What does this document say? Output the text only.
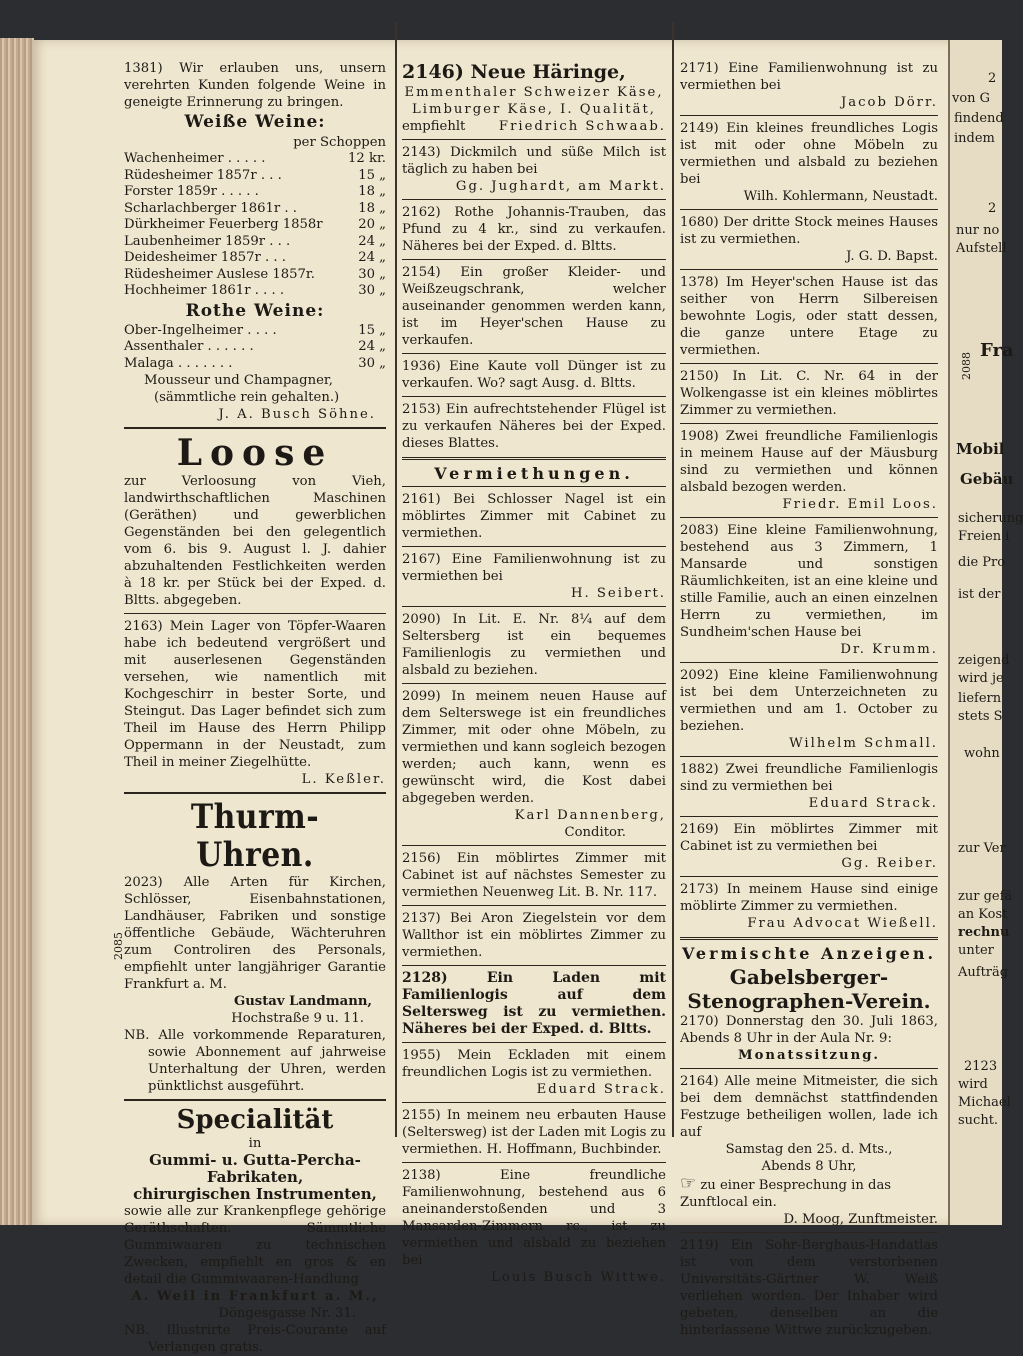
1381) Wir erlauben uns, unsern verehrten Kunden folgende Weine in geneigte Erinnerung zu bringen.

Weiße Weine:
per Schoppen
Wachenheimer . . . . .	12 kr.
Rüdesheimer 1857r . . .	15 „
Forster 1859r . . . . .	18 „
Scharlachberger 1861r . .	18 „
Dürkheimer Feuerberg 1858r	20 „
Laubenheimer 1859r . . .	24 „
Deidesheimer 1857r . . .	24 „
Rüdesheimer Auslese 1857r.	30 „
Hochheimer 1861r . . . .	30 „
Rothe Weine:
Ober-Ingelheimer . . . .	15 „
Assenthaler . . . . . .	24 „
Malaga . . . . . . .	30 „
Mousseur und Champagner,
(sämmtliche rein gehalten.)
J. A. Busch Söhne.
Loose

zur Verloosung von Vieh, landwirthschaftlichen Maschinen (Geräthen) und gewerblichen Gegenständen bei den gelegentlich vom 6. bis 9. August l. J. dahier abzuhaltenden Festlichkeiten werden à 18 kr. per Stück bei der Exped. d. Bltts. abgegeben.

2163) Mein Lager von Töpfer-Waaren habe ich bedeutend vergrößert und mit auserlesenen Gegenständen versehen, wie namentlich mit Kochgeschirr in bester Sorte, und Steingut. Das Lager befindet sich zum Theil im Hause des Herrn Philipp Oppermann in der Neustadt, zum Theil in meiner Ziegelhütte.

L. Keßler.
Thurm-Uhren.

2023) Alle Arten für Kirchen, Schlösser, Eisenbahnstationen, Landhäuser, Fabriken und sonstige öffentliche Gebäude, Wächteruhren zum Controliren des Personals, empfiehlt unter langjähriger Garantie Frankfurt a. M.

Gustav Landmann,
Hochstraße 9 u. 11.

NB. Alle vorkommende Reparaturen, sowie Abonnement auf jahrweise Unterhaltung der Uhren, werden pünktlichst ausgeführt.

Specialität
in
Gummi- u. Gutta-Percha-Fabrikaten,
chirurgischen Instrumenten,

sowie alle zur Krankenpflege gehörige Geräthschaften. Sämmtliche Gummiwaaren zu technischen Zwecken, empfiehlt en gros & en detail die Gummiwaaren-Handlung

A. Weil in Frankfurt a. M.,
Döngesgasse Nr. 31.

NB. Illustrirte Preis-Courante auf Verlangen gratis.

2085
2146) Neue Häringe,
Emmenthaler Schweizer Käse,
Limburger Käse, I. Qualität,
empfiehlt	Friedrich Schwaab.

2143) Dickmilch und süße Milch ist täglich zu haben bei

Gg. Jughardt, am Markt.

2162) Rothe Johannis-Trauben, das Pfund zu 4 kr., sind zu verkaufen. Näheres bei der Exped. d. Bltts.

2154) Ein großer Kleider- und Weißzeugschrank, welcher auseinander genommen werden kann, ist im Heyer'schen Hause zu verkaufen.

1936) Eine Kaute voll Dünger ist zu verkaufen. Wo? sagt Ausg. d. Bltts.

2153) Ein aufrechtstehender Flügel ist zu verkaufen Näheres bei der Exped. dieses Blattes.

Vermiethungen.

2161) Bei Schlosser Nagel ist ein möblirtes Zimmer mit Cabinet zu vermiethen.

2167) Eine Familienwohnung ist zu vermiethen bei

H. Seibert.

2090) In Lit. E. Nr. 8¼ auf dem Seltersberg ist ein bequemes Familienlogis zu vermiethen und alsbald zu beziehen.

2099) In meinem neuen Hause auf dem Selterswege ist ein freundliches Zimmer, mit oder ohne Möbeln, zu vermiethen und kann sogleich bezogen werden; auch kann, wenn es gewünscht wird, die Kost dabei abgegeben werden.

Karl Dannenberg,
Conditor.

2156) Ein möblirtes Zimmer mit Cabinet ist auf nächstes Semester zu vermiethen Neuenweg Lit. B. Nr. 117.

2137) Bei Aron Ziegelstein vor dem Wallthor ist ein möblirtes Zimmer zu vermiethen.

2128) Ein Laden mit Familienlogis auf dem Seltersweg ist zu vermiethen. Näheres bei der Exped. d. Bltts.

1955) Mein Eckladen mit einem freundlichen Logis ist zu vermiethen.

Eduard Strack.

2155) In meinem neu erbauten Hause (Seltersweg) ist der Laden mit Logis zu vermiethen. H. Hoffmann, Buchbinder.

2138) Eine freundliche Familienwohnung, bestehend aus 6 aneinanderstoßenden und 3 Mansarden-Zimmern rc., ist zu vermiethen und alsbald zu beziehen bei

Louis Busch Wittwe.

2171) Eine Familienwohnung ist zu vermiethen bei

Jacob Dörr.

2149) Ein kleines freundliches Logis ist mit oder ohne Möbeln zu vermiethen und alsbald zu beziehen bei

Wilh. Kohlermann, Neustadt.

1680) Der dritte Stock meines Hauses ist zu vermiethen.

J. G. D. Bapst.

1378) Im Heyer'schen Hause ist das seither von Herrn Silbereisen bewohnte Logis, oder statt dessen, die ganze untere Etage zu vermiethen.

2150) In Lit. C. Nr. 64 in der Wolkengasse ist ein kleines möblirtes Zimmer zu vermiethen.

1908) Zwei freundliche Familienlogis in meinem Hause auf der Mäusburg sind zu vermiethen und können alsbald bezogen werden.

Friedr. Emil Loos.

2083) Eine kleine Familienwohnung, bestehend aus 3 Zimmern, 1 Mansarde und sonstigen Räumlichkeiten, ist an eine kleine und stille Familie, auch an einen einzelnen Herrn zu vermiethen, im Sundheim'schen Hause bei

Dr. Krumm.

2092) Eine kleine Familienwohnung ist bei dem Unterzeichneten zu vermiethen und am 1. October zu beziehen.

Wilhelm Schmall.

1882) Zwei freundliche Familienlogis sind zu vermiethen bei

Eduard Strack.

2169) Ein möblirtes Zimmer mit Cabinet ist zu vermiethen bei

Gg. Reiber.

2173) In meinem Hause sind einige möblirte Zimmer zu vermiethen.

Frau Advocat Wießell.
Vermischte Anzeigen.
Gabelsberger-
Stenographen-Verein.

2170) Donnerstag den 30. Juli 1863, Abends 8 Uhr in der Aula Nr. 9:

Monatssitzung.

2164) Alle meine Mitmeister, die sich bei dem demnächst stattfindenden Festzuge betheiligen wollen, lade ich auf

Samstag den 25. d. Mts.,
Abends 8 Uhr,
☞ zu einer Besprechung in das Zunftlocal ein.
D. Moog, Zunftmeister.

2119) Ein Sohr-Berghaus-Handatlas ist von dem verstorbenen Universitäts-Gärtner W. Weiß verliehen worden. Der Inhaber wird gebeten, denselben an die hinterlassene Wittwe zurückzugeben.

2
von G
findend
indem
2
nur no
Aufstell
2088
Fra
Mobil
Gebäu
sicherung
Freien i
die Pro
ist der
zeigend
wird je
liefern
stets S
wohn
zur Ver
zur gefä
an Kost
rechnu
unter
Aufträg
2123
wird
Michael
sucht.
